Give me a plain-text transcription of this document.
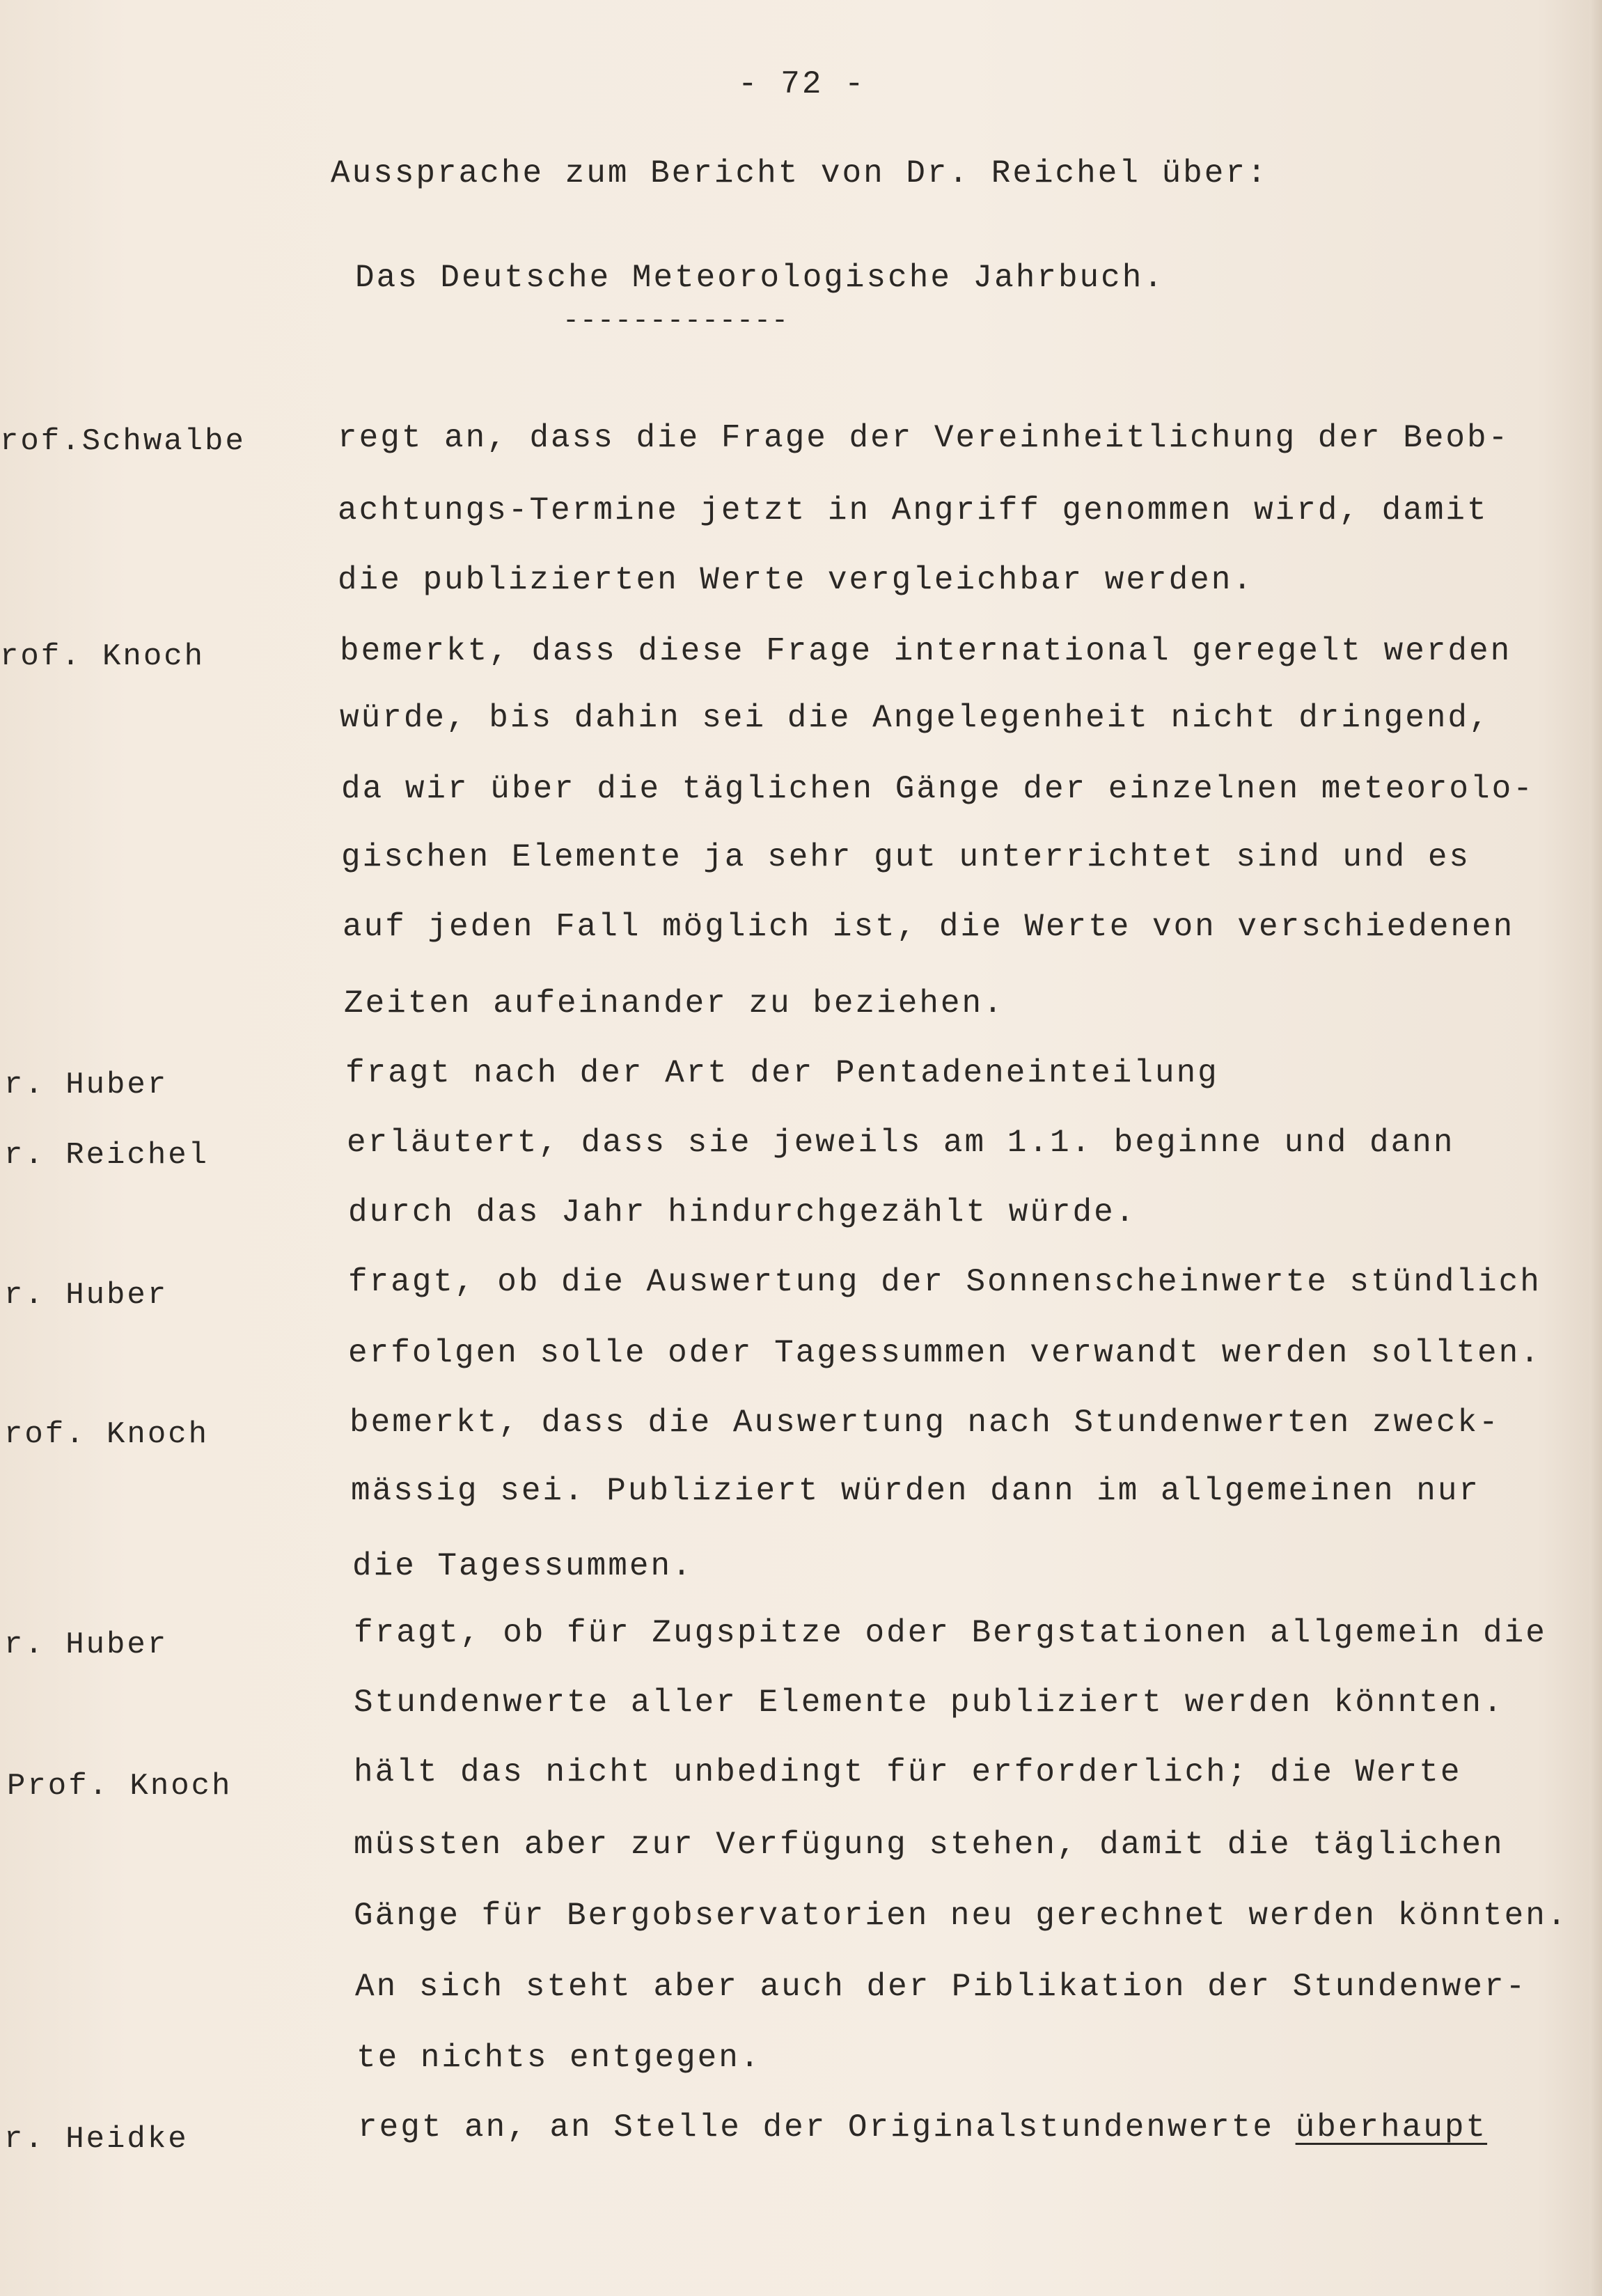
- 72 -
Aussprache zum Bericht von Dr. Reichel über:
Das Deutsche Meteorologische Jahrbuch.
-------------
rof.Schwalbe
rof. Knoch
r. Huber
r. Reichel
r. Huber
rof. Knoch
r. Huber
Prof. Knoch
r. Heidke
regt an, dass die Frage der Vereinheitlichung der Beob-
achtungs-Termine jetzt in Angriff genommen wird, damit
die publizierten Werte vergleichbar werden.
bemerkt, dass diese Frage international geregelt werden
würde, bis dahin sei die Angelegenheit nicht dringend,
da wir über die täglichen Gänge der einzelnen meteorolo-
gischen Elemente ja sehr gut unterrichtet sind und es
auf jeden Fall möglich ist, die Werte von verschiedenen
Zeiten aufeinander zu beziehen.
fragt nach der Art der Pentadeneinteilung
erläutert, dass sie jeweils am 1.1. beginne und dann
durch das Jahr hindurchgezählt würde.
fragt, ob die Auswertung der Sonnenscheinwerte stündlich
erfolgen solle oder Tagessummen verwandt werden sollten.
bemerkt, dass die Auswertung nach Stundenwerten zweck-
mässig sei. Publiziert würden dann im allgemeinen nur
die Tagessummen.
fragt, ob für Zugspitze oder Bergstationen allgemein die
Stundenwerte aller Elemente publiziert werden könnten.
hält das nicht unbedingt für erforderlich; die Werte
müssten aber zur Verfügung stehen, damit die täglichen
Gänge für Bergobservatorien neu gerechnet werden könnten.
An sich steht aber auch der Piblikation der Stundenwer-
te nichts entgegen.
regt an, an Stelle der Originalstundenwerte überhaupt
